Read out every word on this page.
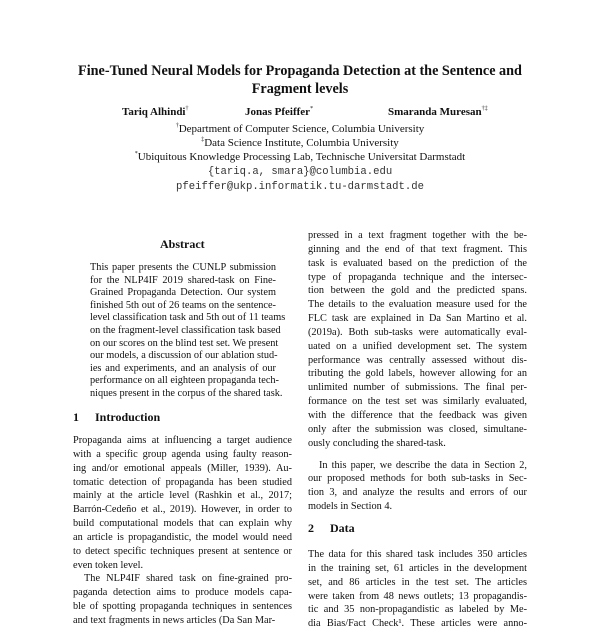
Fine-Tuned Neural Models for Propaganda Detection at the Sentence and
Fragment levels
Tariq Alhindi†	Jonas Pfeiffer*	Smaranda Muresan†‡
†Department of Computer Science, Columbia University
‡Data Science Institute, Columbia University
*Ubiquitous Knowledge Processing Lab, Technische Universitat Darmstadt
{tariq.a, smara}@columbia.edu
pfeiffer@ukp.informatik.tu-darmstadt.de
Abstract
This paper presents the CUNLP submission
for the NLP4IF 2019 shared-task on Fine-
Grained Propaganda Detection. Our system
finished 5th out of 26 teams on the sentence-
level classification task and 5th out of 11 teams
on the fragment-level classification task based
on our scores on the blind test set. We present
our models, a discussion of our ablation stud-
ies and experiments, and an analysis of our
performance on all eighteen propaganda tech-
niques present in the corpus of the shared task.
1 Introduction
Propaganda aims at influencing a target audience
with a specific group agenda using faulty reason-
ing and/or emotional appeals (Miller, 1939). Au-
tomatic detection of propaganda has been studied
mainly at the article level (Rashkin et al., 2017;
Barrón-Cedeño et al., 2019). However, in order to
build computational models that can explain why
an article is propagandistic, the model would need
to detect specific techniques present at sentence or
even token level.
The NLP4IF shared task on fine-grained pro-
paganda detection aims to produce models capa-
ble of spotting propaganda techniques in sentences
and text fragments in news articles (Da San Mar-
pressed in a text fragment together with the be-
ginning and the end of that text fragment. This
task is evaluated based on the prediction of the
type of propaganda technique and the intersec-
tion between the gold and the predicted spans.
The details to the evaluation measure used for the
FLC task are explained in Da San Martino et al.
(2019a). Both sub-tasks were automatically eval-
uated on a unified development set. The system
performance was centrally assessed without dis-
tributing the gold labels, however allowing for an
unlimited number of submissions. The final per-
formance on the test set was similarly evaluated,
with the difference that the feedback was given
only after the submission was closed, simultane-
ously concluding the shared-task.
In this paper, we describe the data in Section 2,
our proposed methods for both sub-tasks in Sec-
tion 3, and analyze the results and errors of our
models in Section 4.
2 Data
The data for this shared task includes 350 articles
in the training set, 61 articles in the development
set, and 86 articles in the test set. The articles
were taken from 48 news outlets; 13 propagandis-
tic and 35 non-propagandistic as labeled by Me-
dia Bias/Fact Check¹. These articles were anno-
